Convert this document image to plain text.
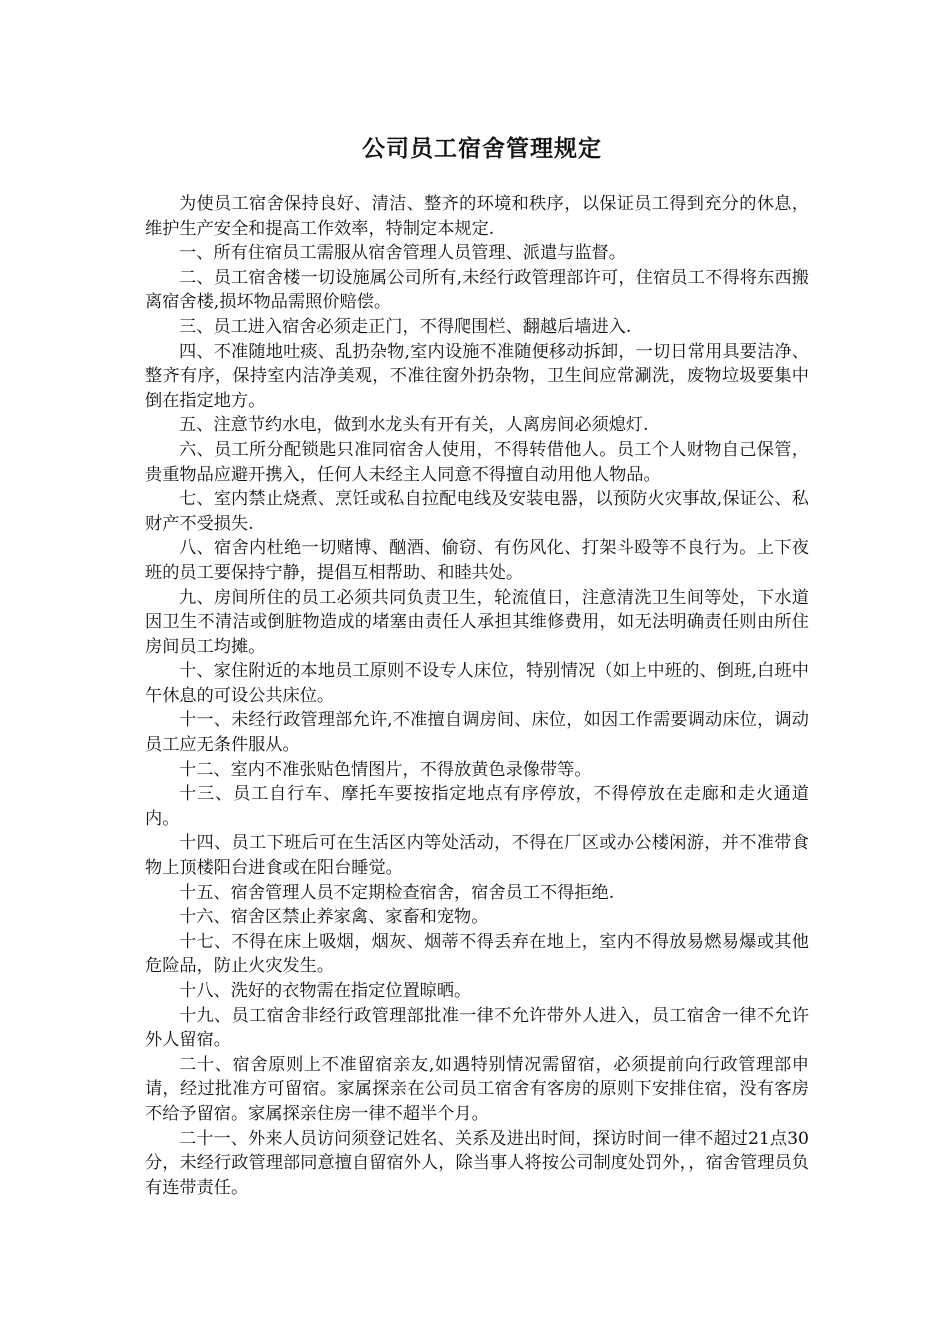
公司员工宿舍管理规定

为使员工宿舍保持良好、清洁、整齐的环境和秩序，以保证员工得到充分的休息，维护生产安全和提高工作效率，特制定本规定.

一、所有住宿员工需服从宿舍管理人员管理、派遣与监督。

二、员工宿舍楼一切设施属公司所有,未经行政管理部许可，住宿员工不得将东西搬离宿舍楼,损坏物品需照价赔偿。

三、员工进入宿舍必须走正门，不得爬围栏、翻越后墙进入.

四、不准随地吐痰、乱扔杂物,室内设施不准随便移动拆卸，一切日常用具要洁净、整齐有序，保持室内洁净美观，不准往窗外扔杂物，卫生间应常涮洗，废物垃圾要集中倒在指定地方。

五、注意节约水电，做到水龙头有开有关，人离房间必须熄灯.

六、员工所分配锁匙只准同宿舍人使用，不得转借他人。员工个人财物自己保管，贵重物品应避开携入，任何人未经主人同意不得擅自动用他人物品。

七、室内禁止烧煮、烹饪或私自拉配电线及安装电器，以预防火灾事故,保证公、私财产不受损失.

八、宿舍内杜绝一切赌博、酗酒、偷窃、有伤风化、打架斗殴等不良行为。上下夜班的员工要保持宁静，提倡互相帮助、和睦共处。

九、房间所住的员工必须共同负责卫生，轮流值日，注意清洗卫生间等处，下水道因卫生不清洁或倒脏物造成的堵塞由责任人承担其维修费用，如无法明确责任则由所住房间员工均摊。

十、家住附近的本地员工原则不设专人床位，特别情况（如上中班的、倒班,白班中午休息的可设公共床位。

十一、未经行政管理部允许,不准擅自调房间、床位，如因工作需要调动床位，调动员工应无条件服从。

十二、室内不准张贴色情图片，不得放黄色录像带等。

十三、员工自行车、摩托车要按指定地点有序停放，不得停放在走廊和走火通道内。

十四、员工下班后可在生活区内等处活动，不得在厂区或办公楼闲游，并不准带食物上顶楼阳台进食或在阳台睡觉。

十五、宿舍管理人员不定期检查宿舍，宿舍员工不得拒绝.

十六、宿舍区禁止养家禽、家畜和宠物。

十七、不得在床上吸烟，烟灰、烟蒂不得丢弃在地上，室内不得放易燃易爆或其他危险品，防止火灾发生。

十八、洗好的衣物需在指定位置晾晒。

十九、员工宿舍非经行政管理部批准一律不允许带外人进入，员工宿舍一律不允许外人留宿。

二十、宿舍原则上不准留宿亲友,如遇特别情况需留宿，必须提前向行政管理部申请，经过批准方可留宿。家属探亲在公司员工宿舍有客房的原则下安排住宿，没有客房不给予留宿。家属探亲住房一律不超半个月。

二十一、外来人员访问须登记姓名、关系及进出时间，探访时间一律不超过21点30分，未经行政管理部同意擅自留宿外人，除当事人将按公司制度处罚外，，宿舍管理员负有连带责任。
